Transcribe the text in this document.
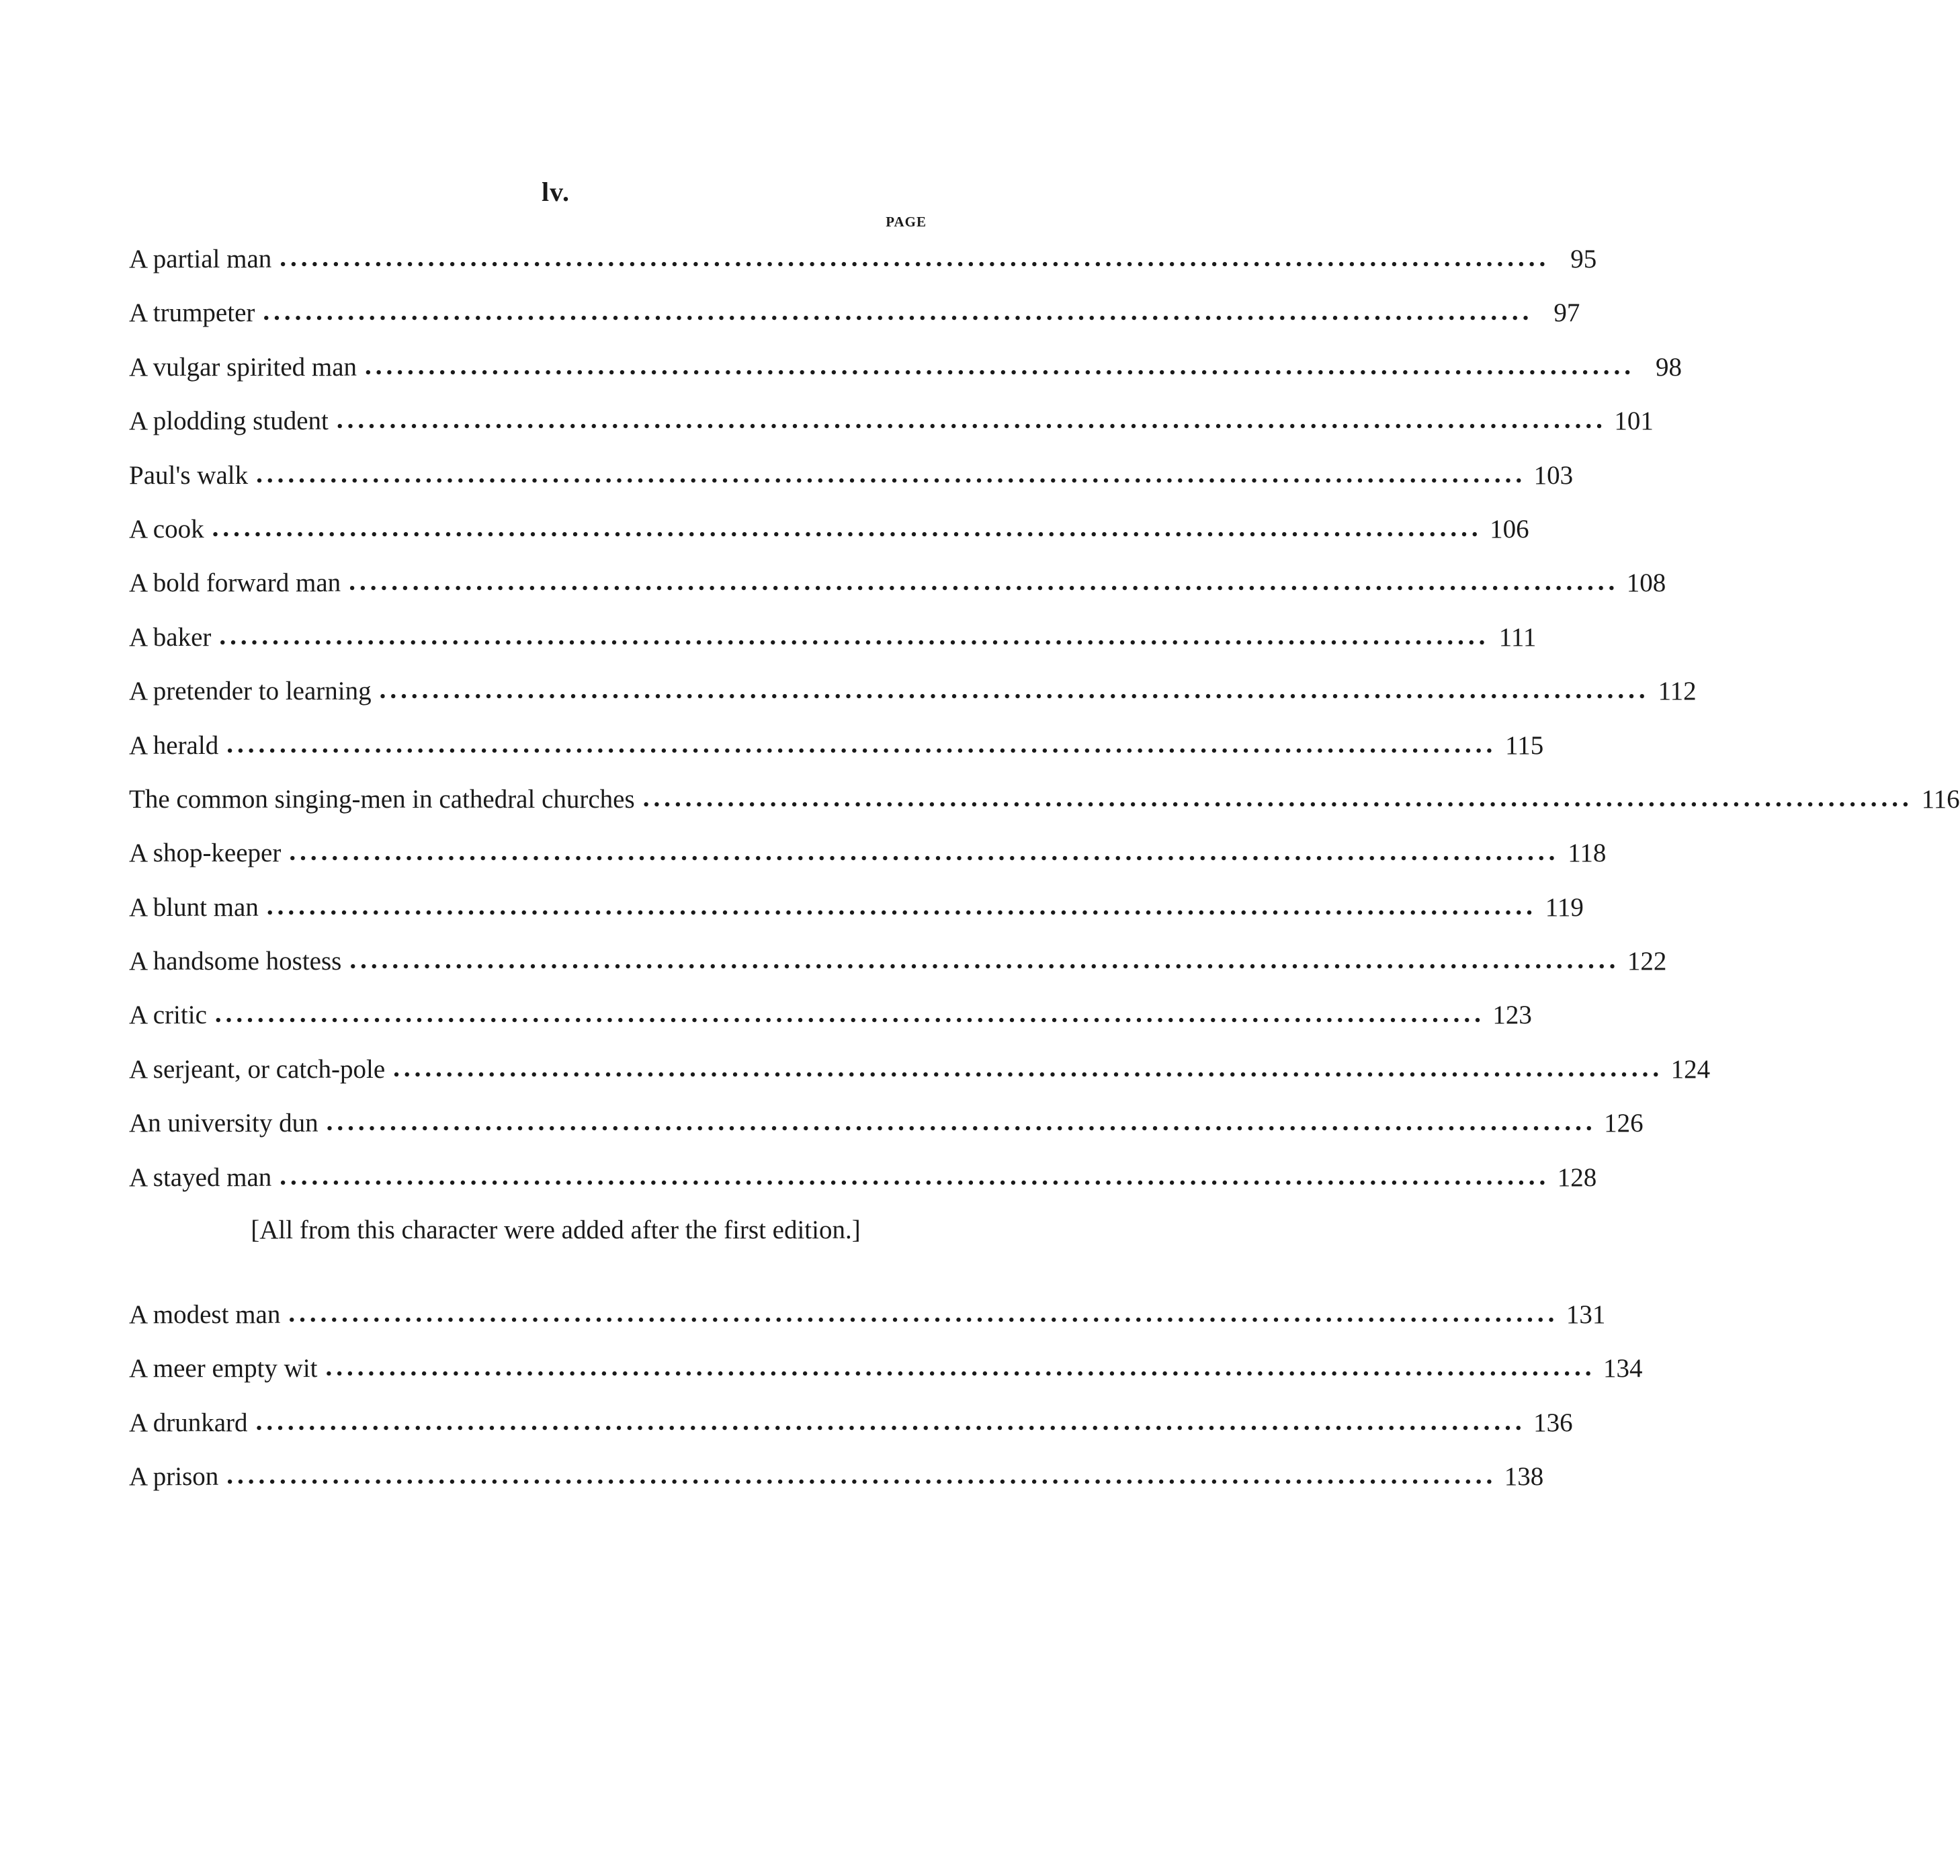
lv.
PAGE
A partial man ........................................................................................................................ 95
A trumpeter ........................................................................................................................ 97
A vulgar spirited man ........................................................................................................................ 98
A plodding student ........................................................................................................................ 101
Paul's walk ........................................................................................................................ 103
A cook ........................................................................................................................ 106
A bold forward man ........................................................................................................................ 108
A baker ........................................................................................................................ 111
A pretender to learning ........................................................................................................................ 112
A herald ........................................................................................................................ 115
The common singing-men in cathedral churches ........................................................................................................................ 116
A shop-keeper ........................................................................................................................ 118
A blunt man ........................................................................................................................ 119
A handsome hostess ........................................................................................................................ 122
A critic ........................................................................................................................ 123
A serjeant, or catch-pole ........................................................................................................................ 124
An university dun ........................................................................................................................ 126
A stayed man ........................................................................................................................ 128
[All from this character were added after the first edition.]
A modest man ........................................................................................................................ 131
A meer empty wit ........................................................................................................................ 134
A drunkard ........................................................................................................................ 136
A prison ........................................................................................................................ 138
